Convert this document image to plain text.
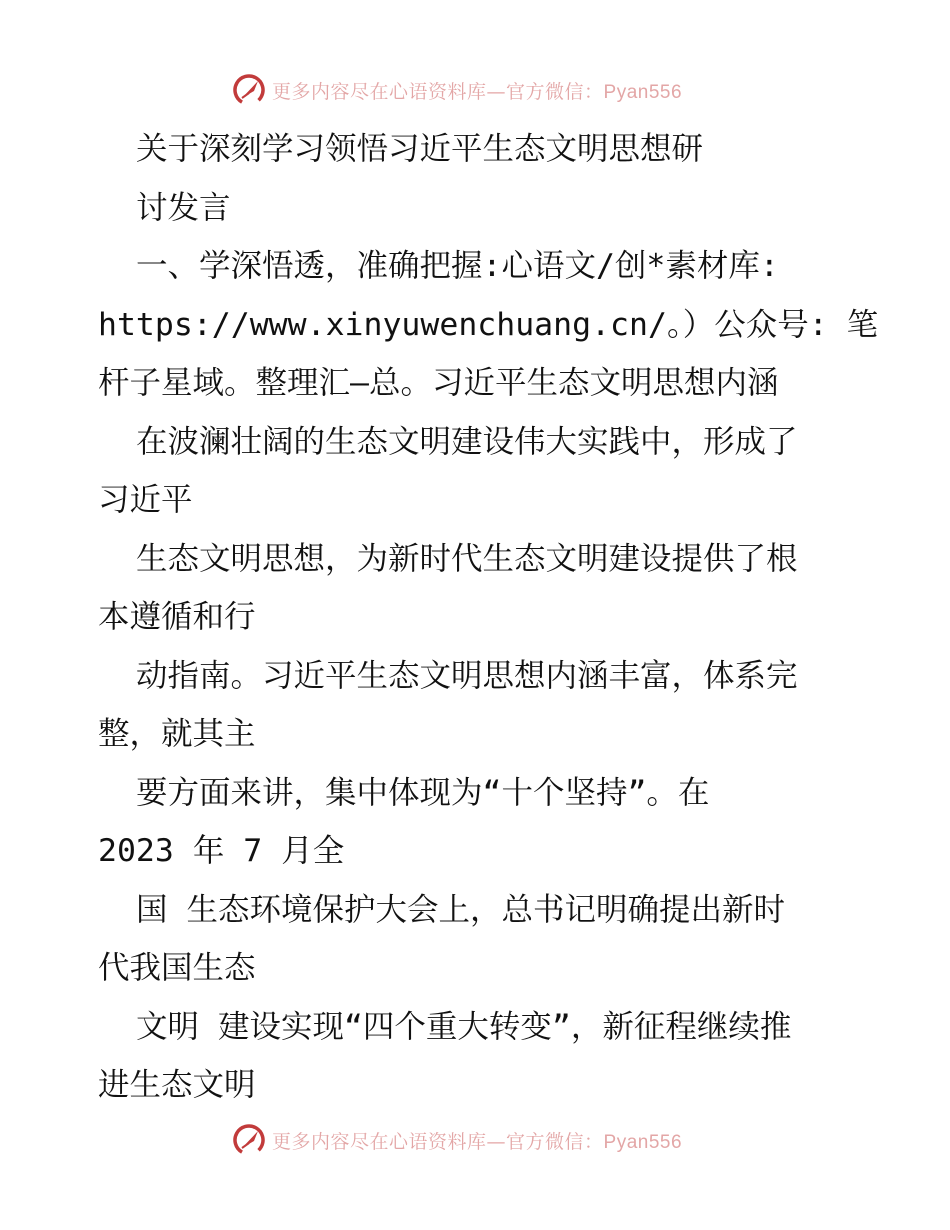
更多内容尽在心语资料库—官方微信：Pyan556
关于深刻学习领悟习近平生态文明思想研
讨发言
一、学深悟透，准确把握:心语文/创*素材库:
https://www.xinyuwenchuang.cn/。）公众号: 笔
杆子星域。整理汇—总。习近平生态文明思想内涵
在波澜壮阔的生态文明建设伟大实践中，形成了
习近平
生态文明思想，为新时代生态文明建设提供了根
本遵循和行
动指南。习近平生态文明思想内涵丰富，体系完
整，就其主
要方面来讲，集中体现为“十个坚持”。在
2023 年 7 月全
国 生态环境保护大会上，总书记明确提出新时
代我国生态
文明 建设实现“四个重大转变”，新征程继续推
进生态文明
更多内容尽在心语资料库—官方微信：Pyan556
